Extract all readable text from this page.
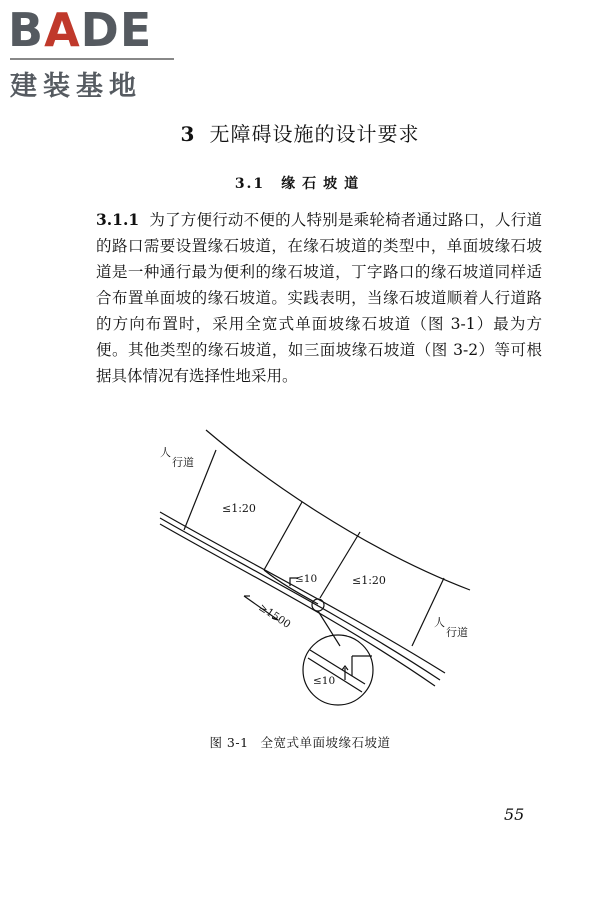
BADE
建装基地
3 无障碍设施的设计要求
3.1 缘石坡道
3.1.1 为了方便行动不便的人特别是乘轮椅者通过路口，人行道的路口需要设置缘石坡道，在缘石坡道的类型中，单面坡缘石坡道是一种通行最为便利的缘石坡道，丁字路口的缘石坡道同样适合布置单面坡的缘石坡道。实践表明，当缘石坡道顺着人行道路的方向布置时，采用全宽式单面坡缘石坡道（图 3-1）最为方便。其他类型的缘石坡道，如三面坡缘石坡道（图 3-2）等可根据具体情况有选择性地采用。
人
行道
≤1:20
≤1:20
≤10
≥1500	人
行道
≤10
图 3-1 全宽式单面坡缘石坡道
55
